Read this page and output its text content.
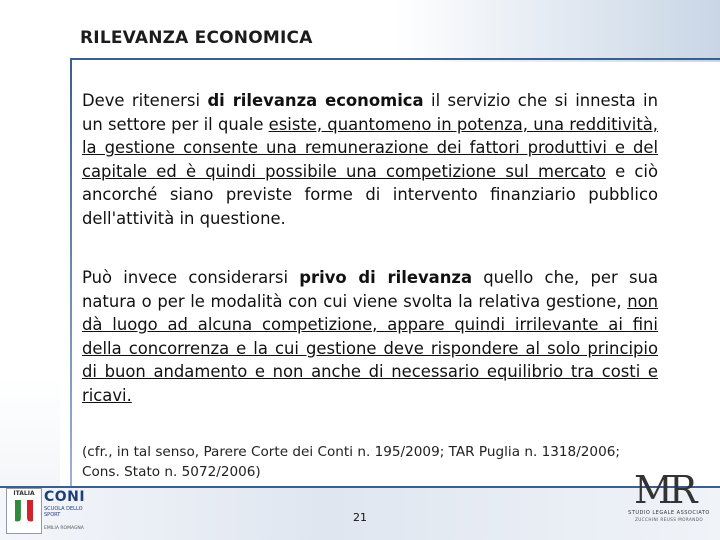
RILEVANZA ECONOMICA
Deve ritenersi di rilevanza economica il servizio che si innesta in un settore per il quale esiste, quantomeno in potenza, una redditività, la gestione consente una remunerazione dei fattori produttivi e del capitale ed è quindi possibile una competizione sul mercato e ciò ancorché siano previste forme di intervento finanziario pubblico dell'attività in questione.
Può invece considerarsi privo di rilevanza quello che, per sua natura o per le modalità con cui viene svolta la relativa gestione, non dà luogo ad alcuna competizione, appare quindi irrilevante ai fini della concorrenza e la cui gestione deve rispondere al solo principio di buon andamento e non anche di necessario equilibrio tra costi e ricavi.
(cfr., in tal senso, Parere Corte dei Conti n. 195/2009; TAR Puglia n. 1318/2006;
Cons. Stato n. 5072/2006)
21
ITALIA CONI
SCUOLA DELLO SPORT
EMILIA ROMAGNA
MR
STUDIO LEGALE ASSOCIATO
ZUCCHINI REUSS MORANDO
